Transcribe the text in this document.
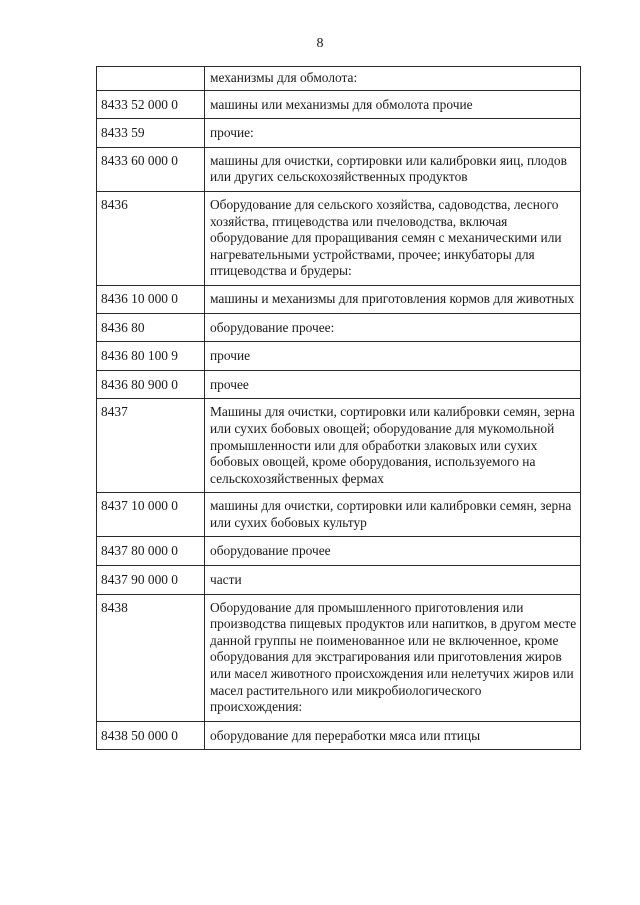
8
	механизмы для обмолота:
8433 52 000 0	машины или механизмы для обмолота прочие
8433 59	прочие:
8433 60 000 0	машины для очистки, сортировки или калибровки яиц, плодов или других сельскохозяйственных продуктов
8436	Оборудование для сельского хозяйства, садоводства, лесного хозяйства, птицеводства или пчеловодства, включая оборудование для проращивания семян с механическими или нагревательными устройствами, прочее; инкубаторы для птицеводства и брудеры:
8436 10 000 0	машины и механизмы для приготовления кормов для животных
8436 80	оборудование прочее:
8436 80 100 9	прочие
8436 80 900 0	прочее
8437	Машины для очистки, сортировки или калибровки семян, зерна или сухих бобовых овощей; оборудование для мукомольной промышленности или для обработки злаковых или сухих бобовых овощей, кроме оборудования, используемого на сельскохозяйственных фермах
8437 10 000 0	машины для очистки, сортировки или калибровки семян, зерна или сухих бобовых культур
8437 80 000 0	оборудование прочее
8437 90 000 0	части
8438	Оборудование для промышленного приготовления или производства пищевых продуктов или напитков, в другом месте данной группы не поименованное или не включенное, кроме оборудования для экстрагирования или приготовления жиров или масел животного происхождения или нелетучих жиров или масел растительного или микробиологического происхождения:
8438 50 000 0	оборудование для переработки мяса или птицы
